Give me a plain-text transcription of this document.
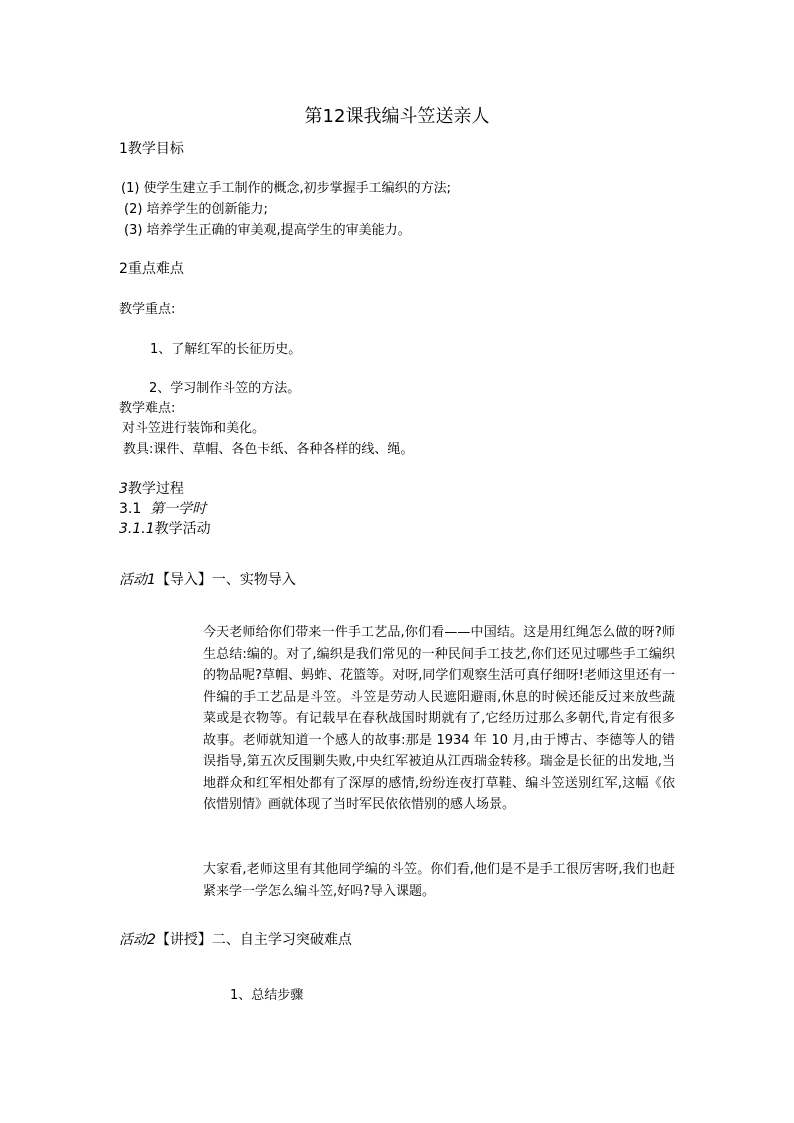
第12课我编斗笠送亲人
1教学目标
(1) 使学生建立手工制作的概念,初步掌握手工编织的方法;
(2) 培养学生的创新能力;
(3) 培养学生正确的审美观,提高学生的审美能力。
2重点难点
教学重点:
1、了解红军的长征历史。
2、学习制作斗笠的方法。
教学难点:
对斗笠进行装饰和美化。
教具:课件、草帽、各色卡纸、各种各样的线、绳。
3教学过程
3.1 第一学时
3.1.1教学活动
活动1【导入】一、实物导入
今天老师给你们带来一件手工艺品,你们看——中国结。这是用红绳怎么做的呀?师生总结:编的。对了,编织是我们常见的一种民间手工技艺,你们还见过哪些手工编织的物品呢?草帽、蚂蚱、花篮等。对呀,同学们观察生活可真仔细呀!老师这里还有一件编的手工艺品是斗笠。斗笠是劳动人民遮阳避雨,休息的时候还能反过来放些蔬菜或是衣物等。有记载早在春秋战国时期就有了,它经历过那么多朝代,肯定有很多故事。老师就知道一个感人的故事:那是 1934 年 10 月,由于博古、李德等人的错误指导,第五次反围剿失败,中央红军被迫从江西瑞金转移。瑞金是长征的出发地,当地群众和红军相处都有了深厚的感情,纷纷连夜打草鞋、编斗笠送别红军,这幅《依依惜别情》画就体现了当时军民依依惜别的感人场景。
大家看,老师这里有其他同学编的斗笠。你们看,他们是不是手工很厉害呀,我们也赶紧来学一学怎么编斗笠,好吗?导入课题。
活动2【讲授】二、自主学习突破难点
1、总结步骤
